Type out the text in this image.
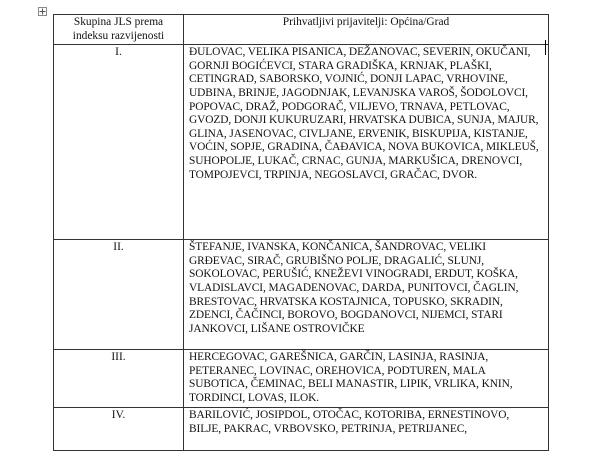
Skupina JLS prema indeksu razvijenosti	Prihvatljivi prijavitelji: Općina/Grad
I.	ĐULOVAC, VELIKA PISANICA, DEŽANOVAC, SEVERIN, OKUČANI, GORNJI BOGIĆEVCI, STARA GRADIŠKA, KRNJAK, PLAŠKI, CETINGRAD, SABORSKO, VOJNIĆ, DONJI LAPAC, VRHOVINE, UDBINA, BRINJE, JAGODNJAK, LEVANJSKA VAROŠ, ŠODOLOVCI, POPOVAC, DRAŽ, PODGORAČ, VILJEVO, TRNAVA, PETLOVAC, GVOZD, DONJI KUKURUZARI, HRVATSKA DUBICA, SUNJA, MAJUR, GLINA, JASENOVAC, CIVLJANE, ERVENIK, BISKUPIJA, KISTANJE, VOĆIN, SOPJE, GRADINA, ČAĐAVICA, NOVA BUKOVICA, MIKLEUŠ, SUHOPOLJE, LUKAČ, CRNAC, GUNJA, MARKUŠICA, DRENOVCI, TOMPOJEVCI, TRPINJA, NEGOSLAVCI, GRAČAC, DVOR.
II.	ŠTEFANJE, IVANSKA, KONČANICA, ŠANDROVAC, VELIKI GRĐEVAC, SIRAČ, GRUBIŠNO POLJE, DRAGALIĆ, SLUNJ, SOKOLOVAC, PERUŠIĆ, KNEŽEVI VINOGRADI, ERDUT, KOŠKA, VLADISLAVCI, MAGADENOVAC, DARDA, PUNITOVCI, ČAGLIN, BRESTOVAC, HRVATSKA KOSTAJNICA, TOPUSKO, SKRADIN, ZDENCI, ČAČINCI, BOROVO, BOGDANOVCI, NIJEMCI, STARI JANKOVCI, LIŠANE OSTROVIČKE
III.	HERCEGOVAC, GAREŠNICA, GARČIN, LASINJA, RASINJA, PETERANEC, LOVINAC, OREHOVICA, PODTUREN, MALA SUBOTICA, ČEMINAC, BELI MANASTIR, LIPIK, VRLIKA, KNIN, TORDINCI, LOVAS, ILOK.
IV.	BARILOVIĆ, JOSIPDOL, OTOČAC, KOTORIBA, ERNESTINOVO, BILJE, PAKRAC, VRBOVSKO, PETRINJA, PETRIJANEC,
